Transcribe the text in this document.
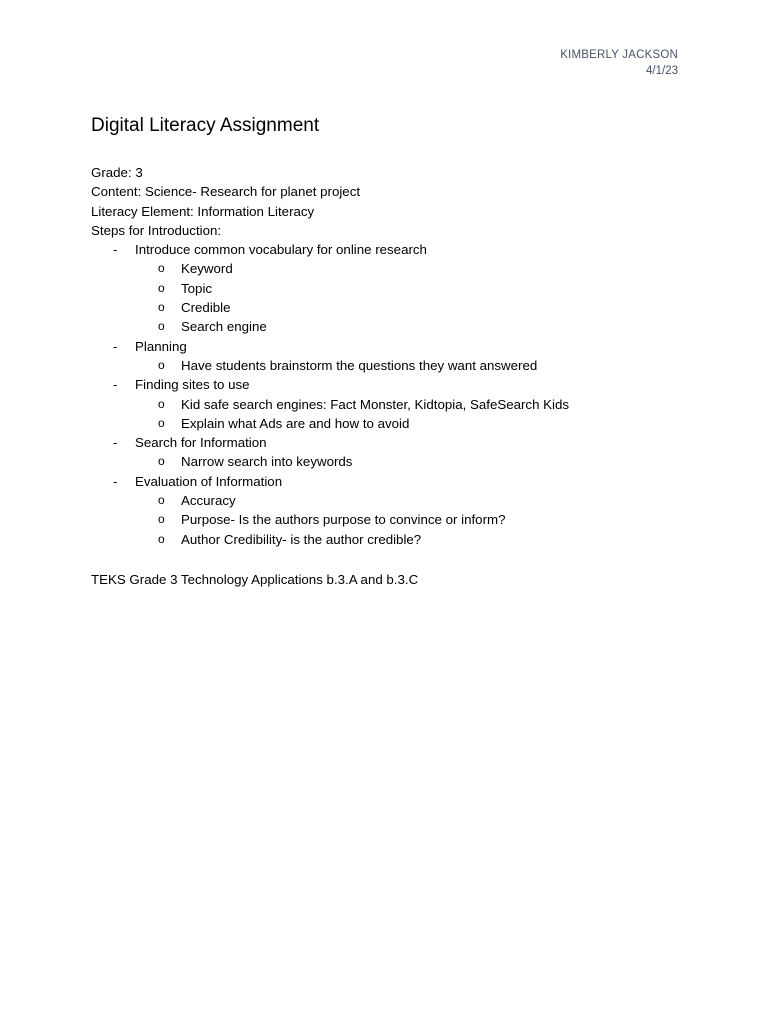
KIMBERLY JACKSON
4/1/23
Digital Literacy Assignment
Grade: 3
Content: Science- Research for planet project
Literacy Element: Information Literacy
Steps for Introduction:
- Introduce common vocabulary for online research
o Keyword
o Topic
o Credible
o Search engine
- Planning
o Have students brainstorm the questions they want answered
- Finding sites to use
o Kid safe search engines: Fact Monster, Kidtopia, SafeSearch Kids
o Explain what Ads are and how to avoid
- Search for Information
o Narrow search into keywords
- Evaluation of Information
o Accuracy
o Purpose- Is the authors purpose to convince or inform?
o Author Credibility- is the author credible?
TEKS Grade 3 Technology Applications b.3.A and b.3.C
